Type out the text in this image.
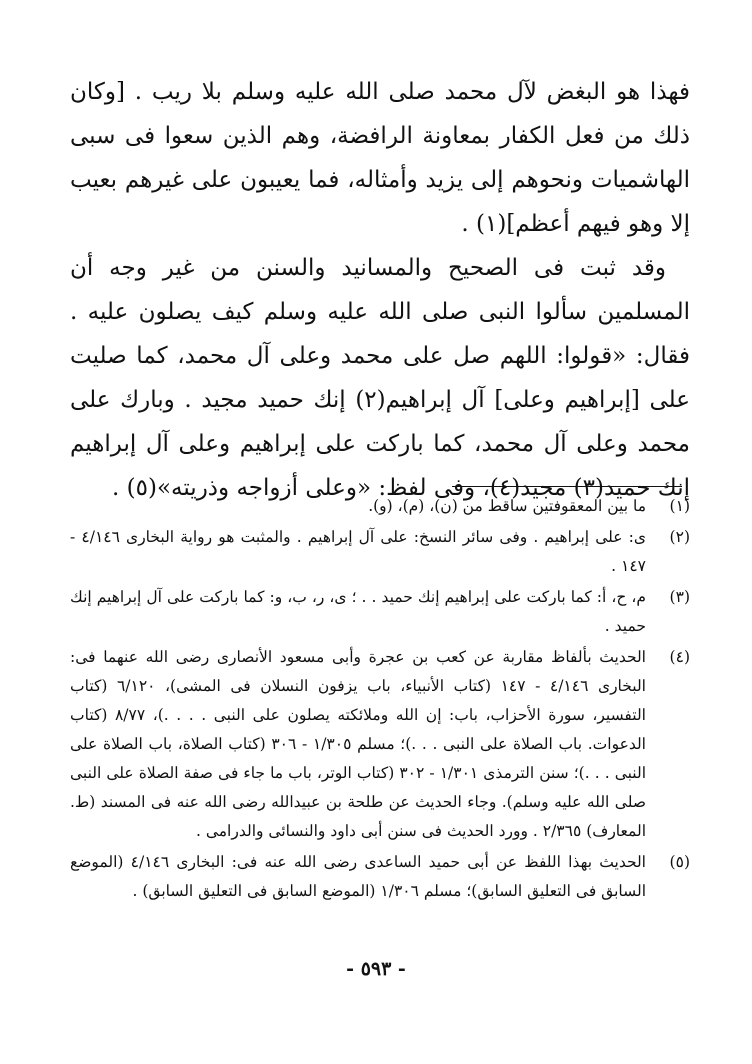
فهذا هو البغض لآل محمد صلى الله عليه وسلم بلا ريب . [وكان ذلك من فعل الكفار بمعاونة الرافضة، وهم الذين سعوا فى سبى الهاشميات ونحوهم إلى يزيد وأمثاله، فما يعيبون على غيرهم بعيب إلا وهو فيهم أعظم](١) .

وقد ثبت فى الصحيح والمسانيد والسنن من غير وجه أن المسلمين سألوا النبى صلى الله عليه وسلم كيف يصلون عليه . فقال: «قولوا: اللهم صل على محمد وعلى آل محمد، كما صليت على [إبراهيم وعلى] آل إبراهيم(٢) إنك حميد مجيد . وبارك على محمد وعلى آل محمد، كما باركت على إبراهيم وعلى آل إبراهيم إنك حميد(٣) مجيد(٤)، وفى لفظ: «وعلى أزواجه وذريته»(٥) .

(١)
ما بين المعقوفتين ساقط من (ن)، (م)، (و).
(٢)
ى: على إبراهيم . وفى سائر النسخ: على آل إبراهيم . والمثبت هو رواية البخارى ٤/١٤٦ - ١٤٧ .
(٣)
م، ح، أ: كما باركت على إبراهيم إنك حميد . . ؛ ى، ر، ب، و: كما باركت على آل إبراهيم إنك حميد .
(٤)
الحديث بألفاظ مقاربة عن كعب بن عجرة وأبى مسعود الأنصارى رضى الله عنهما فى: البخارى ٤/١٤٦ - ١٤٧ (كتاب الأنبياء، باب يزفون النسلان فى المشى)، ٦/١٢٠ (كتاب التفسير، سورة الأحزاب، باب: إن الله وملائكته يصلون على النبى . . . .)، ٨/٧٧ (كتاب الدعوات. باب الصلاة على النبى . . .)؛ مسلم ١/٣٠٥ - ٣٠٦ (كتاب الصلاة، باب الصلاة على النبى . . .)؛ سنن الترمذى ١/٣٠١ - ٣٠٢ (كتاب الوتر، باب ما جاء فى صفة الصلاة على النبى صلى الله عليه وسلم). وجاء الحديث عن طلحة بن عبيدالله رضى الله عنه فى المسند (ط. المعارف) ٢/٣٦٥ . وورد الحديث فى سنن أبى داود والنسائى والدرامى .
(٥)
الحديث بهذا اللفظ عن أبى حميد الساعدى رضى الله عنه فى: البخارى ٤/١٤٦ (الموضع السابق فى التعليق السابق)؛ مسلم ١/٣٠٦ (الموضع السابق فى التعليق السابق) .
- ٥٩٣ -
